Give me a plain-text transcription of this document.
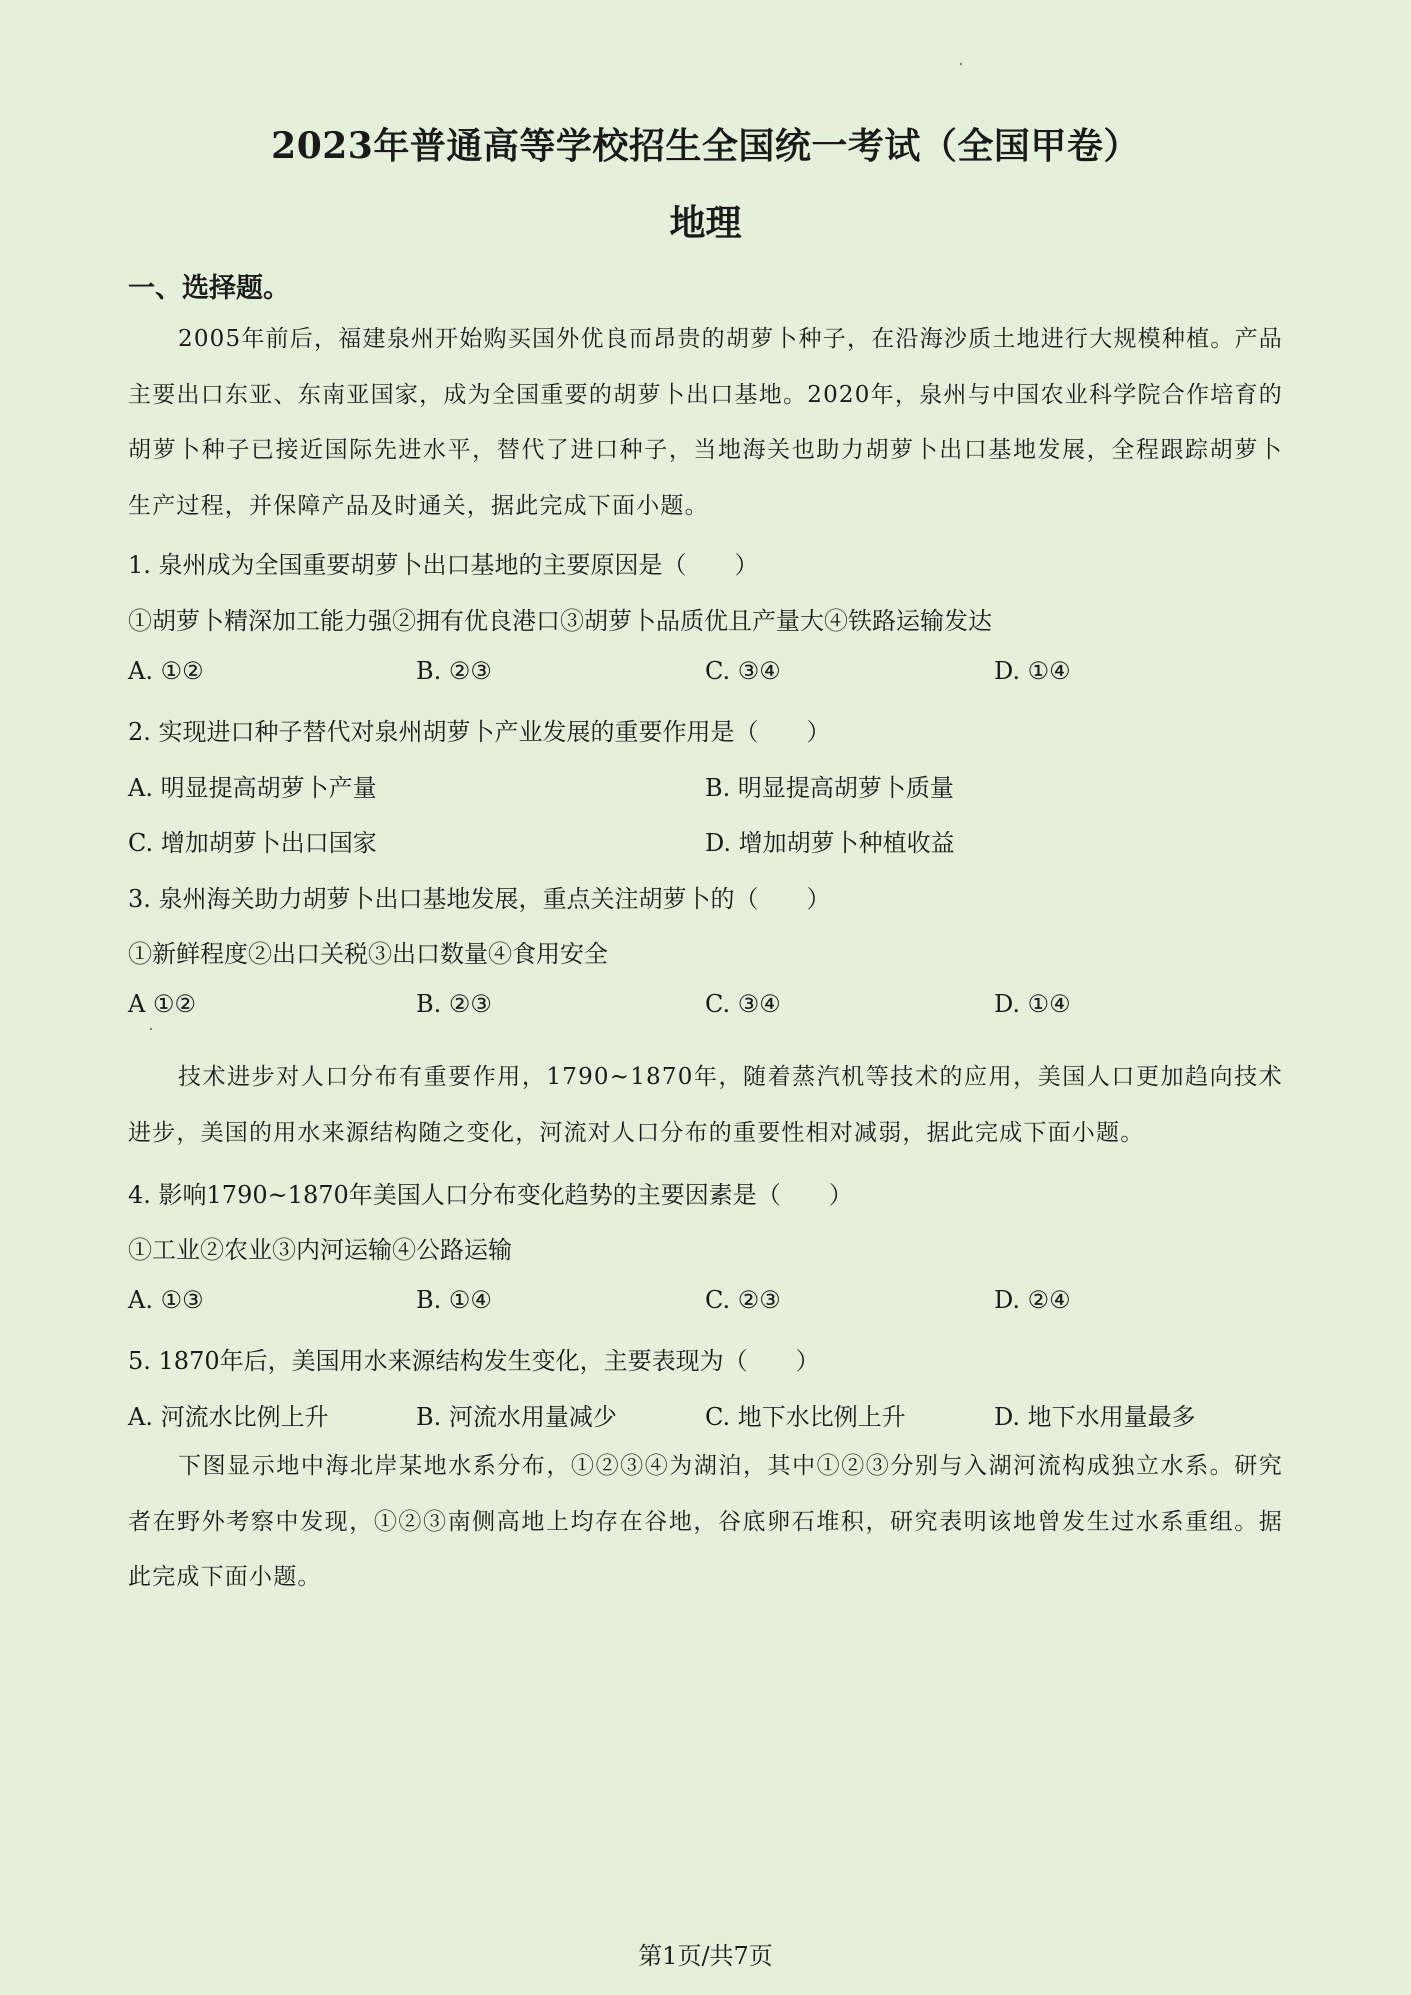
2023年普通高等学校招生全国统一考试（全国甲卷）
地理
一、选择题。
2005年前后，福建泉州开始购买国外优良而昂贵的胡萝卜种子，在沿海沙质土地进行大规模种植。产品主要出口东亚、东南亚国家，成为全国重要的胡萝卜出口基地。2020年，泉州与中国农业科学院合作培育的胡萝卜种子已接近国际先进水平，替代了进口种子，当地海关也助力胡萝卜出口基地发展，全程跟踪胡萝卜生产过程，并保障产品及时通关，据此完成下面小题。
1. 泉州成为全国重要胡萝卜出口基地的主要原因是（　　）
①胡萝卜精深加工能力强②拥有优良港口③胡萝卜品质优且产量大④铁路运输发达
A. ①②	B. ②③	C. ③④	D. ①④
2. 实现进口种子替代对泉州胡萝卜产业发展的重要作用是（　　）
A. 明显提高胡萝卜产量	B. 明显提高胡萝卜质量
C. 增加胡萝卜出口国家	D. 增加胡萝卜种植收益
3. 泉州海关助力胡萝卜出口基地发展，重点关注胡萝卜的（　　）
①新鲜程度②出口关税③出口数量④食用安全
A ①②	B. ②③	C. ③④	D. ①④
技术进步对人口分布有重要作用，1790~1870年，随着蒸汽机等技术的应用，美国人口更加趋向技术进步，美国的用水来源结构随之变化，河流对人口分布的重要性相对减弱，据此完成下面小题。
4. 影响1790~1870年美国人口分布变化趋势的主要因素是（　　）
①工业②农业③内河运输④公路运输
A. ①③	B. ①④	C. ②③	D. ②④
5. 1870年后，美国用水来源结构发生变化，主要表现为（　　）
A. 河流水比例上升	B. 河流水用量减少	C. 地下水比例上升	D. 地下水用量最多
下图显示地中海北岸某地水系分布，①②③④为湖泊，其中①②③分别与入湖河流构成独立水系。研究者在野外考察中发现，①②③南侧高地上均存在谷地，谷底卵石堆积，研究表明该地曾发生过水系重组。据此完成下面小题。
第1页/共7页
